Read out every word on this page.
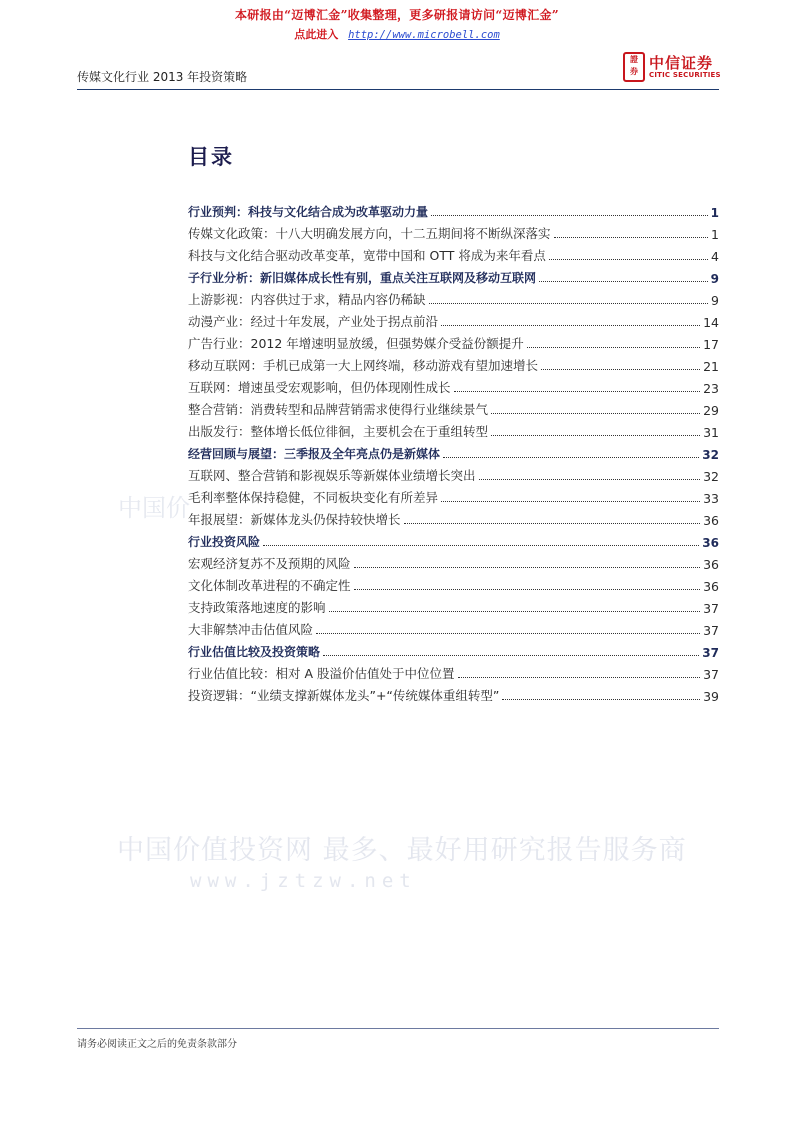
本研报由“迈博汇金”收集整理，更多研报请访问“迈博汇金”
点此进入 http://www.microbell.com
传媒文化行业 2013 年投资策略
證
券 中信证券
CITIC SECURITIES
中国价
中国价值投资网 最多、最好用研究报告服务商
www.jztzw.net
目录
行业预判：科技与文化结合成为改革驱动力量	1
传媒文化政策：十八大明确发展方向，十二五期间将不断纵深落实	1
科技与文化结合驱动改革变革，宽带中国和 OTT 将成为来年看点	4
子行业分析：新旧媒体成长性有别，重点关注互联网及移动互联网	9
上游影视：内容供过于求，精品内容仍稀缺	9
动漫产业：经过十年发展，产业处于拐点前沿	14
广告行业：2012 年增速明显放缓，但强势媒介受益份额提升	17
移动互联网：手机已成第一大上网终端，移动游戏有望加速增长	21
互联网：增速虽受宏观影响，但仍体现刚性成长	23
整合营销：消费转型和品牌营销需求使得行业继续景气	29
出版发行：整体增长低位徘徊，主要机会在于重组转型	31
经营回顾与展望：三季报及全年亮点仍是新媒体	32
互联网、整合营销和影视娱乐等新媒体业绩增长突出	32
毛利率整体保持稳健，不同板块变化有所差异	33
年报展望：新媒体龙头仍保持较快增长	36
行业投资风险	36
宏观经济复苏不及预期的风险	36
文化体制改革进程的不确定性	36
支持政策落地速度的影响	37
大非解禁冲击估值风险	37
行业估值比较及投资策略	37
行业估值比较：相对 A 股溢价估值处于中位位置	37
投资逻辑：“业绩支撑新媒体龙头”+“传统媒体重组转型”	39
请务必阅读正文之后的免责条款部分
